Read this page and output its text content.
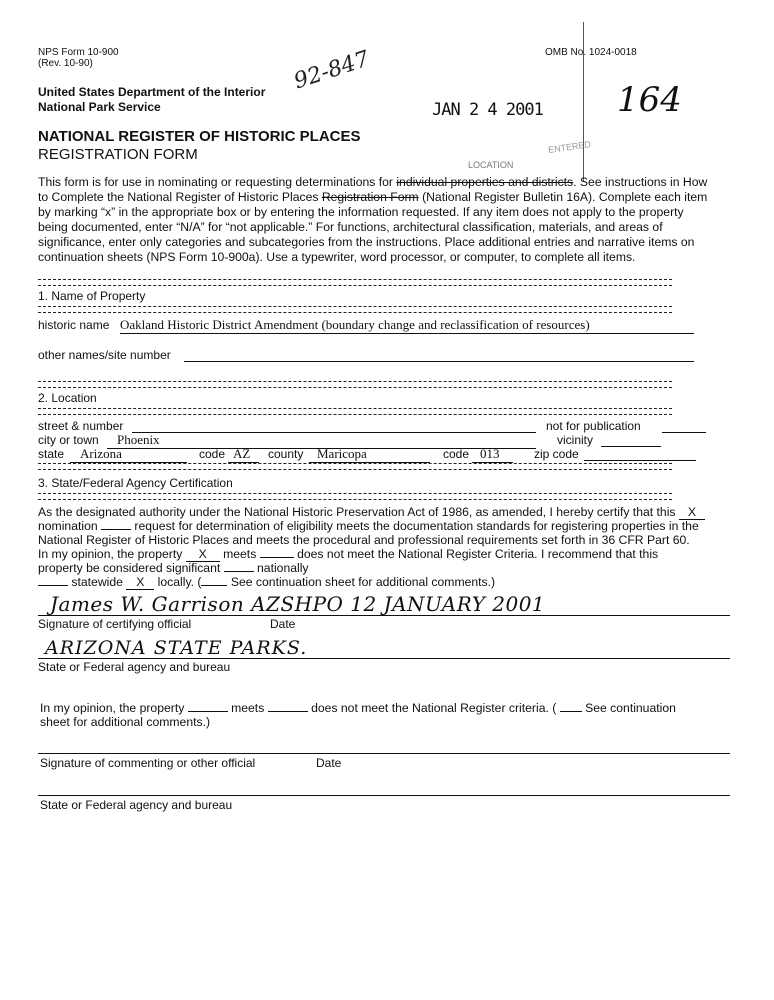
NPS Form 10-900
(Rev. 10-90)
OMB No. 1024-0018
United States Department of the Interior
National Park Service
NATIONAL REGISTER OF HISTORIC PLACES
REGISTRATION FORM
92-847
JAN 2 4 2001 164
LOCATION
ENTERED

This form is for use in nominating or requesting determinations for individual properties and districts. See instructions in How to Complete the National Register of Historic Places Registration Form (National Register Bulletin 16A). Complete each item by marking “x” in the appropriate box or by entering the information requested. If any item does not apply to the property being documented, enter “N/A” for “not applicable.” For functions, architectural classification, materials, and areas of significance, enter only categories and subcategories from the instructions. Place additional entries and narrative items on continuation sheets (NPS Form 10-900a). Use a typewriter, word processor, or computer, to complete all items.

1. Name of Property
historic name Oakland Historic District Amendment (boundary change and reclassification of resources)
other names/site number
2. Location
street & number	not for publication
city or town	Phoenix	vicinity
state	Arizona	code AZ	county	Maricopa	code 013	zip code
3. State/Federal Agency Certification
As the designated authority under the National Historic Preservation Act of 1986, as amended, I hereby certify that this X
nomination	request for determination of eligibility meets the documentation standards for registering properties in the
National Register of Historic Places and meets the procedural and professional requirements set forth in 36 CFR Part 60.
In my opinion, the property X meets	does not meet the National Register Criteria. I recommend that this
property be considered significant	nationally
statewide X locally. ( See continuation sheet for additional comments.)
James W. Garrison AZSHPO 12 JANUARY 2001
Signature of certifying official	Date
ARIZONA STATE PARKS.
State or Federal agency and bureau
In my opinion, the property	meets	does not meet the National Register criteria. ( See continuation
sheet for additional comments.)
Signature of commenting or other official	Date
State or Federal agency and bureau
